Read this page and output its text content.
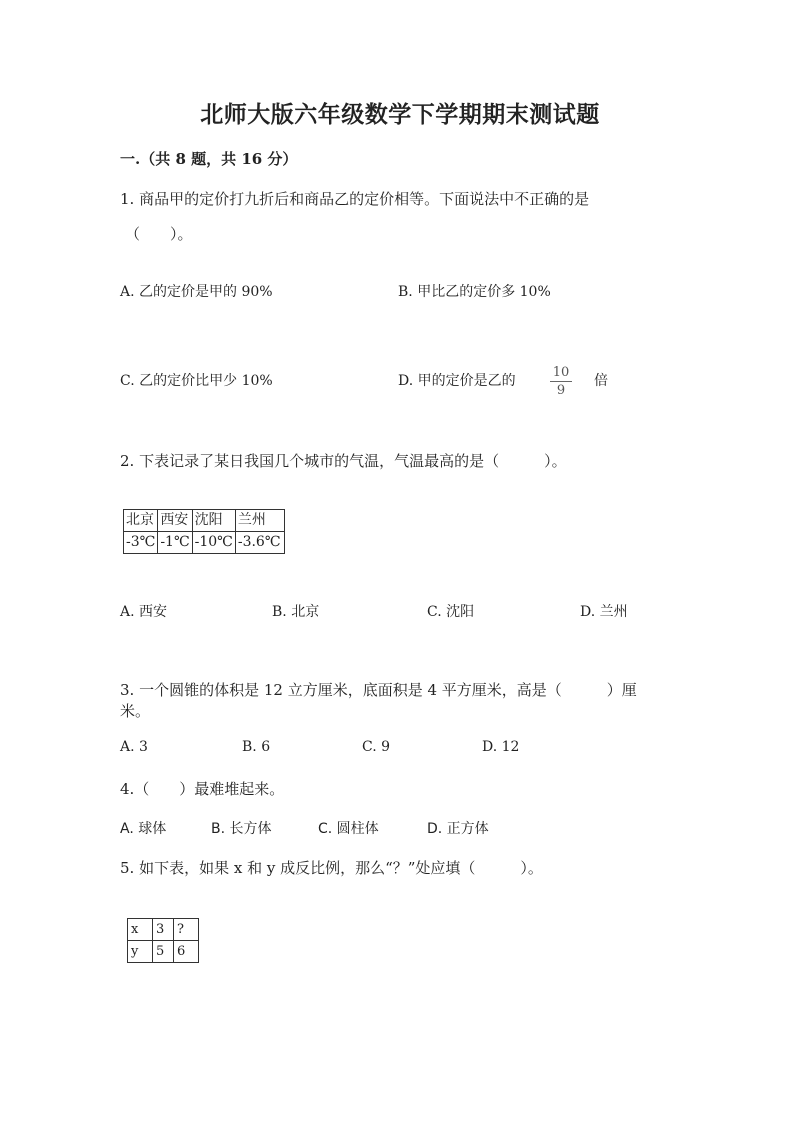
北师大版六年级数学下学期期末测试题
一.（共 8 题，共 16 分）
1. 商品甲的定价打九折后和商品乙的定价相等。下面说法中不正确的是
（　　）。
A. 乙的定价是甲的 90%	B. 甲比乙的定价多 10%
C. 乙的定价比甲少 10%	D. 甲的定价是乙的
10
9
倍
2. 下表记录了某日我国几个城市的气温，气温最高的是（　　　）。
北京	西安	沈阳	兰州
-3℃	-1℃	-10℃	-3.6℃
A. 西安	B. 北京	C. 沈阳	D. 兰州
3. 一个圆锥的体积是 12 立方厘米，底面积是 4 平方厘米，高是（　　　）厘
米。
A. 3	B. 6	C. 9	D. 12
4.（　　）最难堆起来。
A. 球体	B. 长方体	C. 圆柱体	D. 正方体
5. 如下表，如果 x 和 y 成反比例，那么“？”处应填（　　　）。
x	3	?
y	5	6
